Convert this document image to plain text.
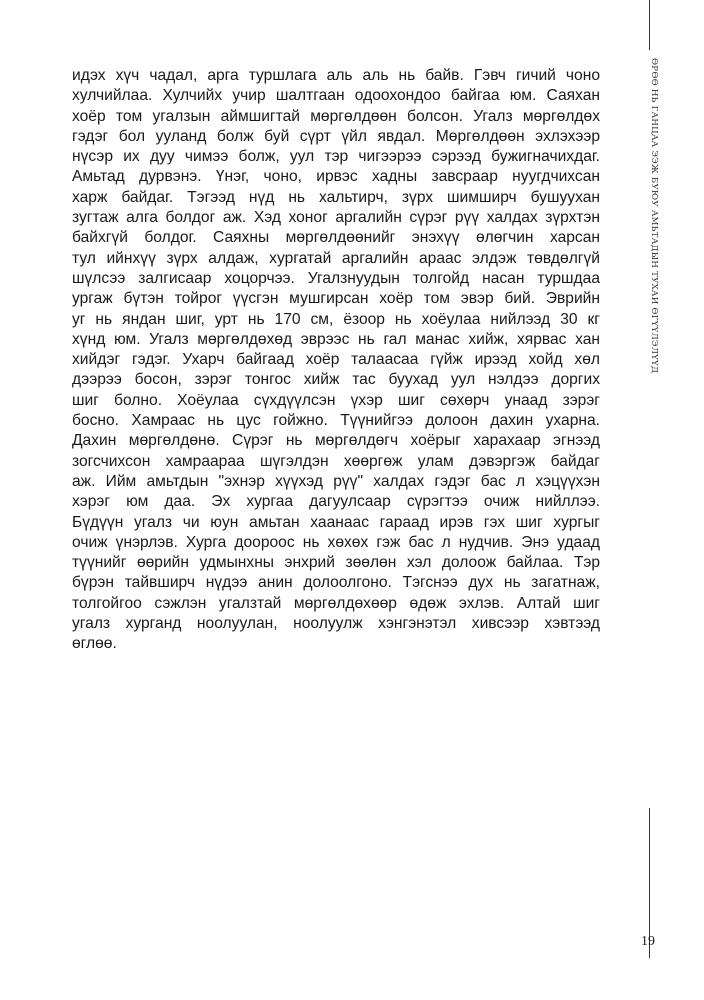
ӨРӨӨ НЬ ГАНЦАА ЭЭЖ БУЮУ АМЬТАДЫН ТУХАЙ ӨГҮҮЛЭЛҮҮД
идэх хүч чадал, арга туршлага аль аль нь байв. Гэвч гичий чоно
хулчийлаа. Хулчийх учир шалтгаан одоохондоо байгаа юм. Саяхан
хоёр том угалзын аймшигтай мөргөлдөөн болсон. Угалз мөргөлдөх
гэдэг бол ууланд болж буй сүрт үйл явдал. Мөргөлдөөн эхлэхээр
нүсэр их дуу чимээ болж, уул тэр чигээрээ сэрээд бужигначихдаг.
Амьтад дурвэнэ. Үнэг, чоно, ирвэс хадны завсраар нуугдчихсан
харж байдаг. Тэгээд нүд нь хальтирч, зүрх шимширч бушуухан
зугтаж алга болдог аж. Хэд хоног аргалийн сүрэг рүү халдах зүрхтэн
байхгүй болдог. Саяхны мөргөлдөөнийг энэхүү өлөгчин харсан
тул ийнхүү зүрх алдаж, хургатай аргалийн араас элдэж төвдөлгүй
шүлсээ залгисаар хоцорчээ. Угалзнуудын толгойд насан туршдаа
ургаж бүтэн тойрог үүсгэн мушгирсан хоёр том эвэр бий. Эврийн
уг нь яндан шиг, урт нь 170 см, ёзоор нь хоёулаа нийлээд 30 кг
хүнд юм. Угалз мөргөлдөхөд эврээс нь гал манас хийж, хярвас хан
хийдэг гэдэг. Ухарч байгаад хоёр талаасаа гүйж ирээд хойд хөл
дээрээ босон, зэрэг тонгос хийж тас буухад уул нэлдээ доргих
шиг болно. Хоёулаа сүхдүүлсэн үхэр шиг сөхөрч унаад зэрэг
босно. Хамраас нь цус гойжно. Түүнийгээ долоон дахин ухарна.
Дахин мөргөлдөнө. Сүрэг нь мөргөлдөгч хоёрыг харахаар эгнээд
зогсчихсон хамраараа шүгэлдэн хөөргөж улам дэвэргэж байдаг
аж. Ийм амьтдын "эхнэр хүүхэд рүү" халдах гэдэг бас л хэцүүхэн
хэрэг юм даа. Эх хургаа дагуулсаар сүрэгтээ очиж нийллээ.
Бүдүүн угалз чи юун амьтан хаанаас гараад ирэв гэх шиг хургыг
очиж үнэрлэв. Хурга доороос нь хөхөх гэж бас л нудчив. Энэ удаад
түүнийг өөрийн удмынхны энхрий зөөлөн хэл долоож байлаа. Тэр
бүрэн тайвширч нүдээ анин долоолгоно. Тэгснээ дух нь загатнаж,
толгойгоо сэжлэн угалзтай мөргөлдөхөөр өдөж эхлэв. Алтай шиг
угалз хурганд ноолуулан, ноолуулж хэнгэнэтэл хивсээр хэвтээд
өглөө.
19
